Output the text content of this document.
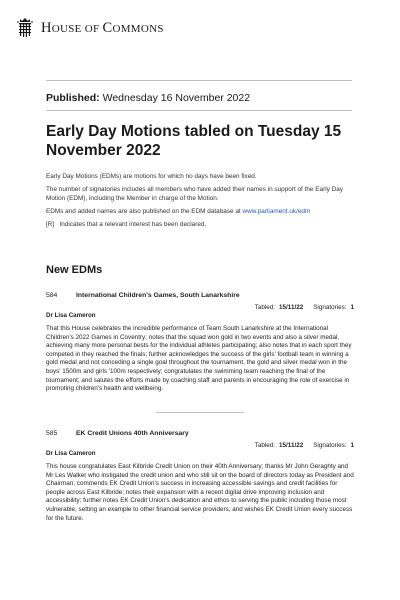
HOUSE OF COMMONS
Published: Wednesday 16 November 2022
Early Day Motions tabled on Tuesday 15 November 2022

Early Day Motions (EDMs) are motions for which no days have been fixed.

The number of signatories includes all members who have added their names in support of the Early Day Motion (EDM), including the Member in charge of the Motion.

EDMs and added names are also published on the EDM database at www.parliament.uk/edm

[R]   Indicates that a relevant interest has been declared.

New EDMs
584	International Children's Games, South Lanarkshire
Tabled: 15/11/22 Signatories: 1
Dr Lisa Cameron
That this House celebrates the incredible performance of Team South Lanarkshire at the International Children's 2022 Games in Coventry; notes that the squad won gold in two events and also a silver medal, achieving many more personal bests for the individual athletes participating; also notes that in each sport they competed in they reached the finals; further acknowledges the success of the girls' football team in winning a gold medal and not conceding a single goal throughout the tournament, the gold and silver medal won in the boys' 1500m and girls '100m respectively; congratulates the swimming team reaching the final of the tournament; and salutes the efforts made by coaching staff and parents in encouraging the role of exercise in promoting children's health and wellbeing.
585	EK Credit Unions 40th Anniversary
Tabled: 15/11/22 Signatories: 1
Dr Lisa Cameron
This house congratulates East Kilbride Credit Union on their 40th Anniversary; thanks Mr John Geraghty and Mr Les Walker who instigated the credit union and who still sit on the board of directors today as President and Chairman; commends EK Credit Union's success in increasing accessible savings and credit facilities for people across East Kilbride; notes their expansion with a recent digital drive improving inclusion and accessibility; further notes EK Credit Union's dedication and ethos to serving the public including those most vulnerable, setting an example to other financial service providers; and wishes EK Credit Union every success for the future.
